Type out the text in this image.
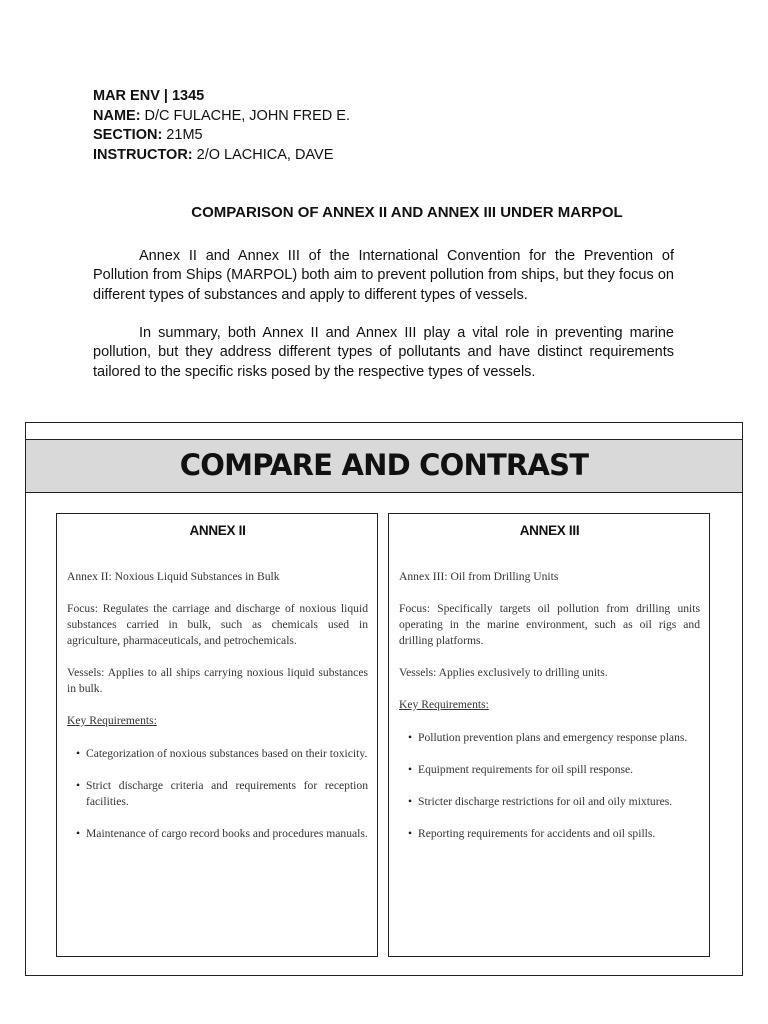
MAR ENV | 1345
NAME: D/C FULACHE, JOHN FRED E.
SECTION: 21M5
INSTRUCTOR: 2/O LACHICA, DAVE
COMPARISON OF ANNEX II AND ANNEX III UNDER MARPOL
Annex II and Annex III of the International Convention for the Prevention of Pollution from Ships (MARPOL) both aim to prevent pollution from ships, but they focus on different types of substances and apply to different types of vessels.
In summary, both Annex II and Annex III play a vital role in preventing marine pollution, but they address different types of pollutants and have distinct requirements tailored to the specific risks posed by the respective types of vessels.
COMPARE AND CONTRAST
ANNEX II

Annex II: Noxious Liquid Substances in Bulk

Focus: Regulates the carriage and discharge of noxious liquid substances carried in bulk, such as chemicals used in agriculture, pharmaceuticals, and petrochemicals.

Vessels: Applies to all ships carrying noxious liquid substances in bulk.

Key Requirements:

• Categorization of noxious substances based on their toxicity.
• Strict discharge criteria and requirements for reception facilities.
• Maintenance of cargo record books and procedures manuals.
ANNEX III

Annex III: Oil from Drilling Units

Focus: Specifically targets oil pollution from drilling units operating in the marine environment, such as oil rigs and drilling platforms.

Vessels: Applies exclusively to drilling units.

Key Requirements:

• Pollution prevention plans and emergency response plans.
• Equipment requirements for oil spill response.
• Stricter discharge restrictions for oil and oily mixtures.
• Reporting requirements for accidents and oil spills.
